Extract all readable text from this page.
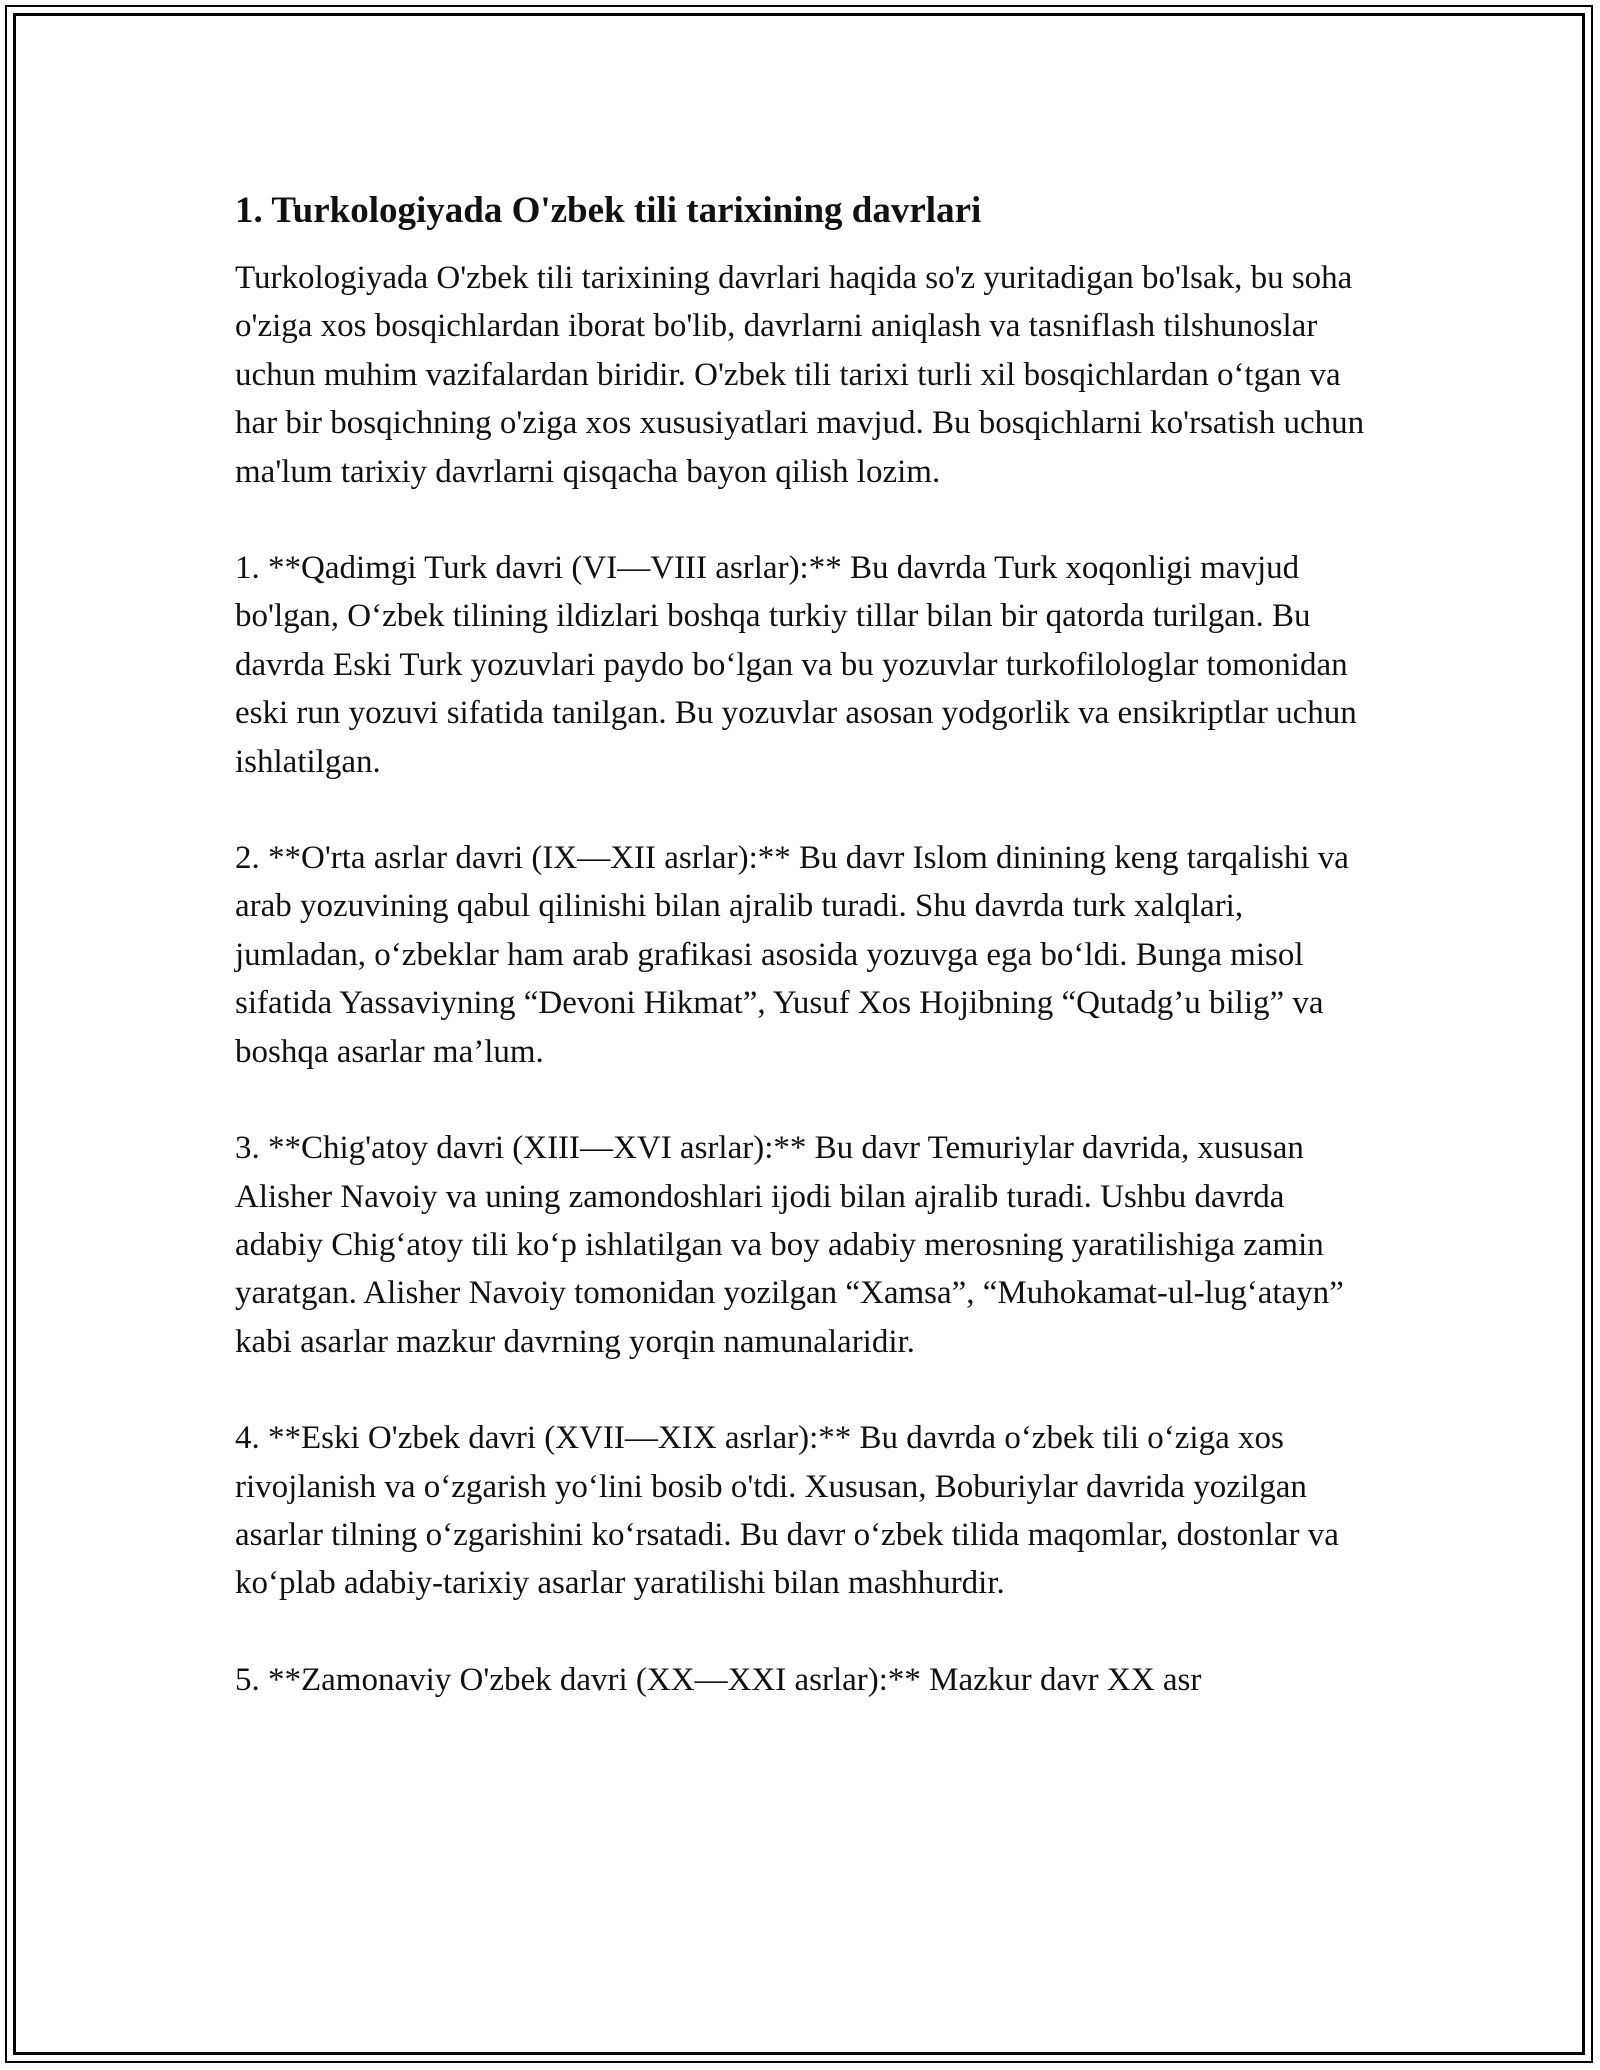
1. Turkologiyada O'zbek tili tarixining davrlari

Turkologiyada O'zbek tili tarixining davrlari haqida so'z yuritadigan bo'lsak, bu soha o'ziga xos bosqichlardan iborat bo'lib, davrlarni aniqlash va tasniflash tilshunoslar uchun muhim vazifalardan biridir. O'zbek tili tarixi turli xil bosqichlardan o‘tgan va har bir bosqichning o'ziga xos xususiyatlari mavjud. Bu bosqichlarni ko'rsatish uchun ma'lum tarixiy davrlarni qisqacha bayon qilish lozim.

1. **Qadimgi Turk davri (VI—VIII asrlar):** Bu davrda Turk xoqonligi mavjud bo'lgan, O‘zbek tilining ildizlari boshqa turkiy tillar bilan bir qatorda turilgan. Bu davrda Eski Turk yozuvlari paydo bo‘lgan va bu yozuvlar turkofilologlar tomonidan eski run yozuvi sifatida tanilgan. Bu yozuvlar asosan yodgorlik va ensikriptlar uchun ishlatilgan.

2. **O'rta asrlar davri (IX—XII asrlar):** Bu davr Islom dinining keng tarqalishi va arab yozuvining qabul qilinishi bilan ajralib turadi. Shu davrda turk xalqlari, jumladan, o‘zbeklar ham arab grafikasi asosida yozuvga ega bo‘ldi. Bunga misol sifatida Yassaviyning “Devoni Hikmat”, Yusuf Xos Hojibning “Qutadg’u bilig” va boshqa asarlar ma’lum.

3. **Chig'atoy davri (XIII—XVI asrlar):** Bu davr Temuriylar davrida, xususan Alisher Navoiy va uning zamondoshlari ijodi bilan ajralib turadi. Ushbu davrda adabiy Chig‘atoy tili ko‘p ishlatilgan va boy adabiy merosning yaratilishiga zamin yaratgan. Alisher Navoiy tomonidan yozilgan “Xamsa”, “Muhokamat-ul-lug‘atayn” kabi asarlar mazkur davrning yorqin namunalaridir.

4. **Eski O'zbek davri (XVII—XIX asrlar):** Bu davrda o‘zbek tili o‘ziga xos rivojlanish va o‘zgarish yo‘lini bosib o'tdi. Xususan, Boburiylar davrida yozilgan asarlar tilning o‘zgarishini ko‘rsatadi. Bu davr o‘zbek tilida maqomlar, dostonlar va ko‘plab adabiy-tarixiy asarlar yaratilishi bilan mashhurdir.

5. **Zamonaviy O'zbek davri (XX—XXI asrlar):** Mazkur davr XX asr
